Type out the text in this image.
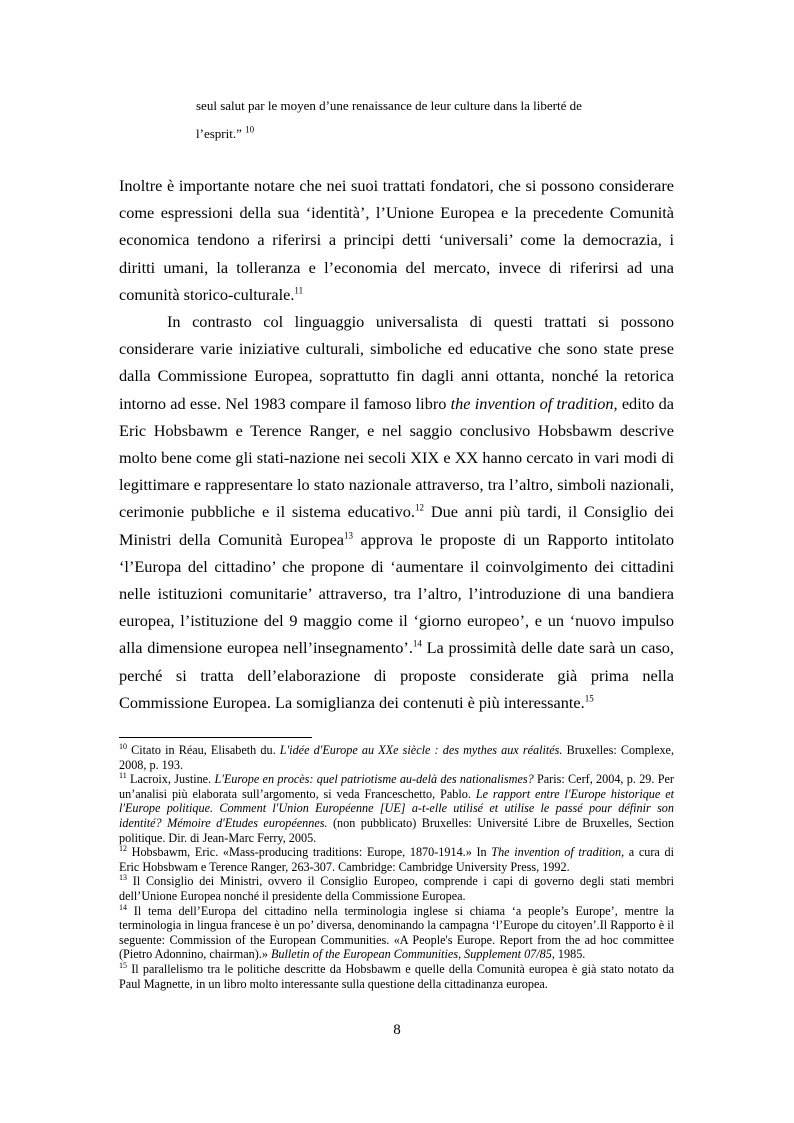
seul salut par le moyen d’une renaissance de leur culture dans la liberté de

l’esprit.” $^{10}$

Inoltre è importante notare che nei suoi trattati fondatori, che si possono considerare come espressioni della sua ‘identità’, l’Unione Europea e la precedente Comunità economica tendono a riferirsi a principi detti ‘universali’ come la democrazia, i diritti umani, la tolleranza e l’economia del mercato, invece di riferirsi ad una comunità storico-culturale.$^{11}$

In contrasto col linguaggio universalista di questi trattati si possono considerare varie iniziative culturali, simboliche ed educative che sono state prese dalla Commissione Europea, soprattutto fin dagli anni ottanta, nonché la retorica intorno ad esse. Nel 1983 compare il famoso libro the invention of tradition, edito da Eric Hobsbawm e Terence Ranger, e nel saggio conclusivo Hobsbawm descrive molto bene come gli stati-nazione nei secoli XIX e XX hanno cercato in vari modi di legittimare e rappresentare lo stato nazionale attraverso, tra l’altro, simboli nazionali, cerimonie pubbliche e il sistema educativo.$^{12}$ Due anni più tardi, il Consiglio dei Ministri della Comunità Europea$^{13}$ approva le proposte di un Rapporto intitolato ‘l’Europa del cittadino’ che propone di ‘aumentare il coinvolgimento dei cittadini nelle istituzioni comunitarie’ attraverso, tra l’altro, l’introduzione di una bandiera europea, l’istituzione del 9 maggio come il ‘giorno europeo’, e un ‘nuovo impulso alla dimensione europea nell’insegnamento’.$^{14}$ La prossimità delle date sarà un caso, perché si tratta dell’elaborazione di proposte considerate già prima nella Commissione Europea. La somiglianza dei contenuti è più interessante.$^{15}$

$^{10}$ Citato in Réau, Elisabeth du. L'idée d'Europe au XXe siècle : des mythes aux réalités. Bruxelles: Complexe, 2008, p. 193.

$^{11}$ Lacroix, Justine. L'Europe en procès: quel patriotisme au-delà des nationalismes? Paris: Cerf, 2004, p. 29. Per un’analisi più elaborata sull’argomento, si veda Franceschetto, Pablo. Le rapport entre l'Europe historique et l'Europe politique. Comment l'Union Européenne [UE] a-t-elle utilisé et utilise le passé pour définir son identité? Mémoire d'Etudes européennes. (non pubblicato) Bruxelles: Université Libre de Bruxelles, Section politique. Dir. di Jean-Marc Ferry, 2005.

$^{12}$ Hobsbawm, Eric. «Mass-producing traditions: Europe, 1870-1914.» In The invention of tradition, a cura di Eric Hobsbwam e Terence Ranger, 263-307. Cambridge: Cambridge University Press, 1992.

$^{13}$ Il Consiglio dei Ministri, ovvero il Consiglio Europeo, comprende i capi di governo degli stati membri dell’Unione Europea nonché il presidente della Commissione Europea.

$^{14}$ Il tema dell’Europa del cittadino nella terminologia inglese si chiama ‘a people’s Europe’, mentre la terminologia in lingua francese è un po’ diversa, denominando la campagna ‘l’Europe du citoyen’.Il Rapporto è il seguente: Commission of the European Communities. «A People's Europe. Report from the ad hoc committee (Pietro Adonnino, chairman).» Bulletin of the European Communities, Supplement 07/85, 1985.

$^{15}$ Il parallelismo tra le politiche descritte da Hobsbawm e quelle della Comunità europea è già stato notato da Paul Magnette, in un libro molto interessante sulla questione della cittadinanza europea.

8
